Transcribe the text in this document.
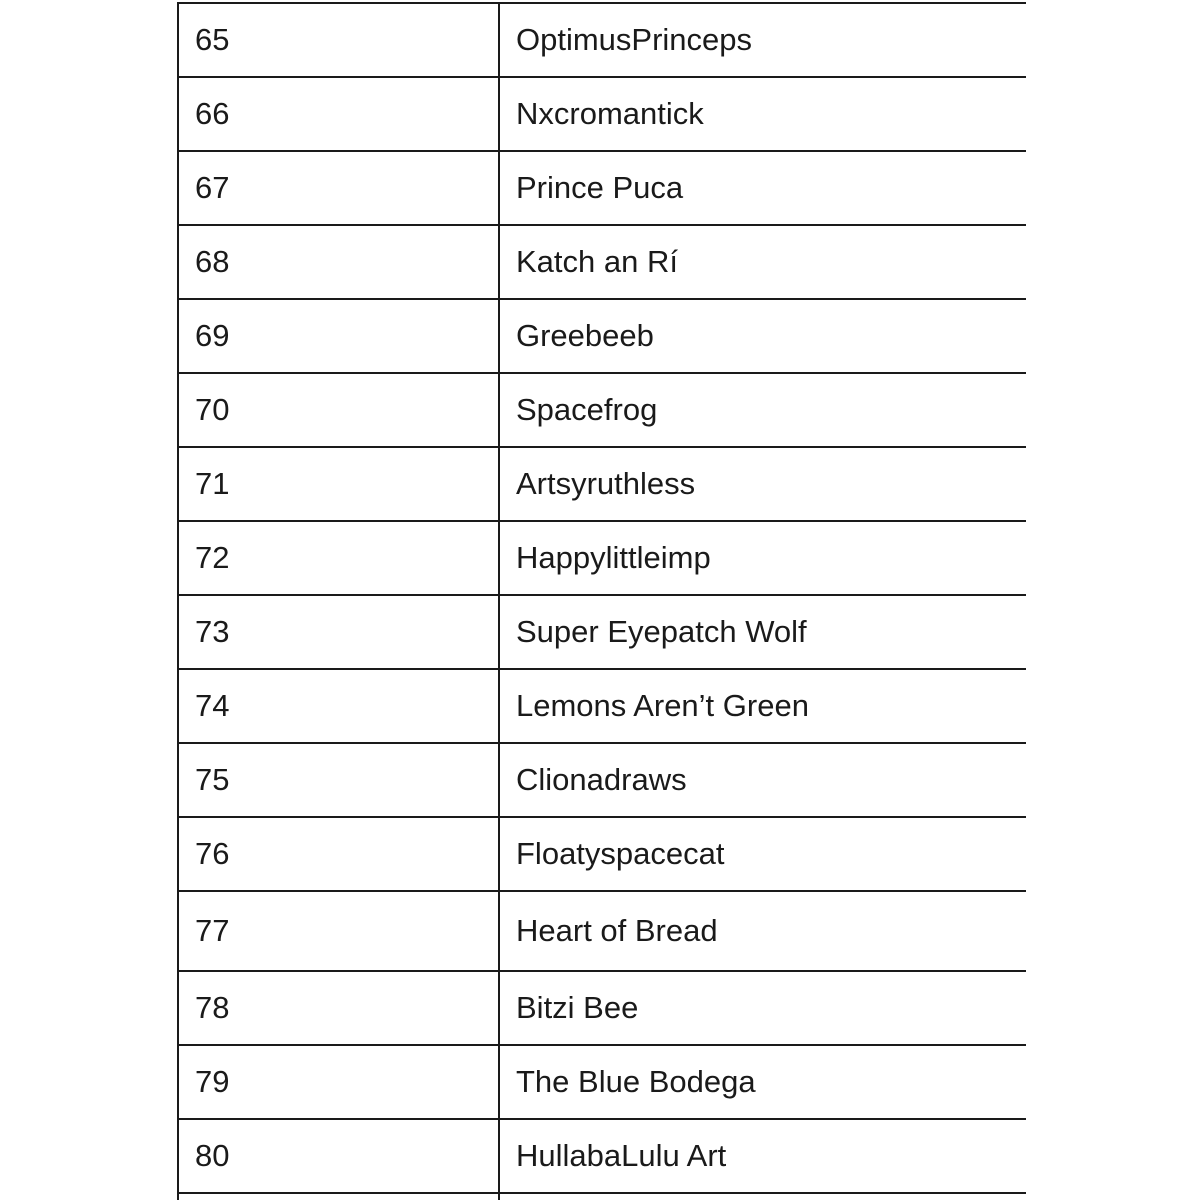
65	OptimusPrinceps
66	Nxcromantick
67	Prince Puca
68	Katch an Rí
69	Greebeeb
70	Spacefrog
71	Artsyruthless
72	Happylittleimp
73	Super Eyepatch Wolf
74	Lemons Aren’t Green
75	Clionadraws
76	Floatyspacecat
77	Heart of Bread
78	Bitzi Bee
79	The Blue Bodega
80	HullabaLulu Art
